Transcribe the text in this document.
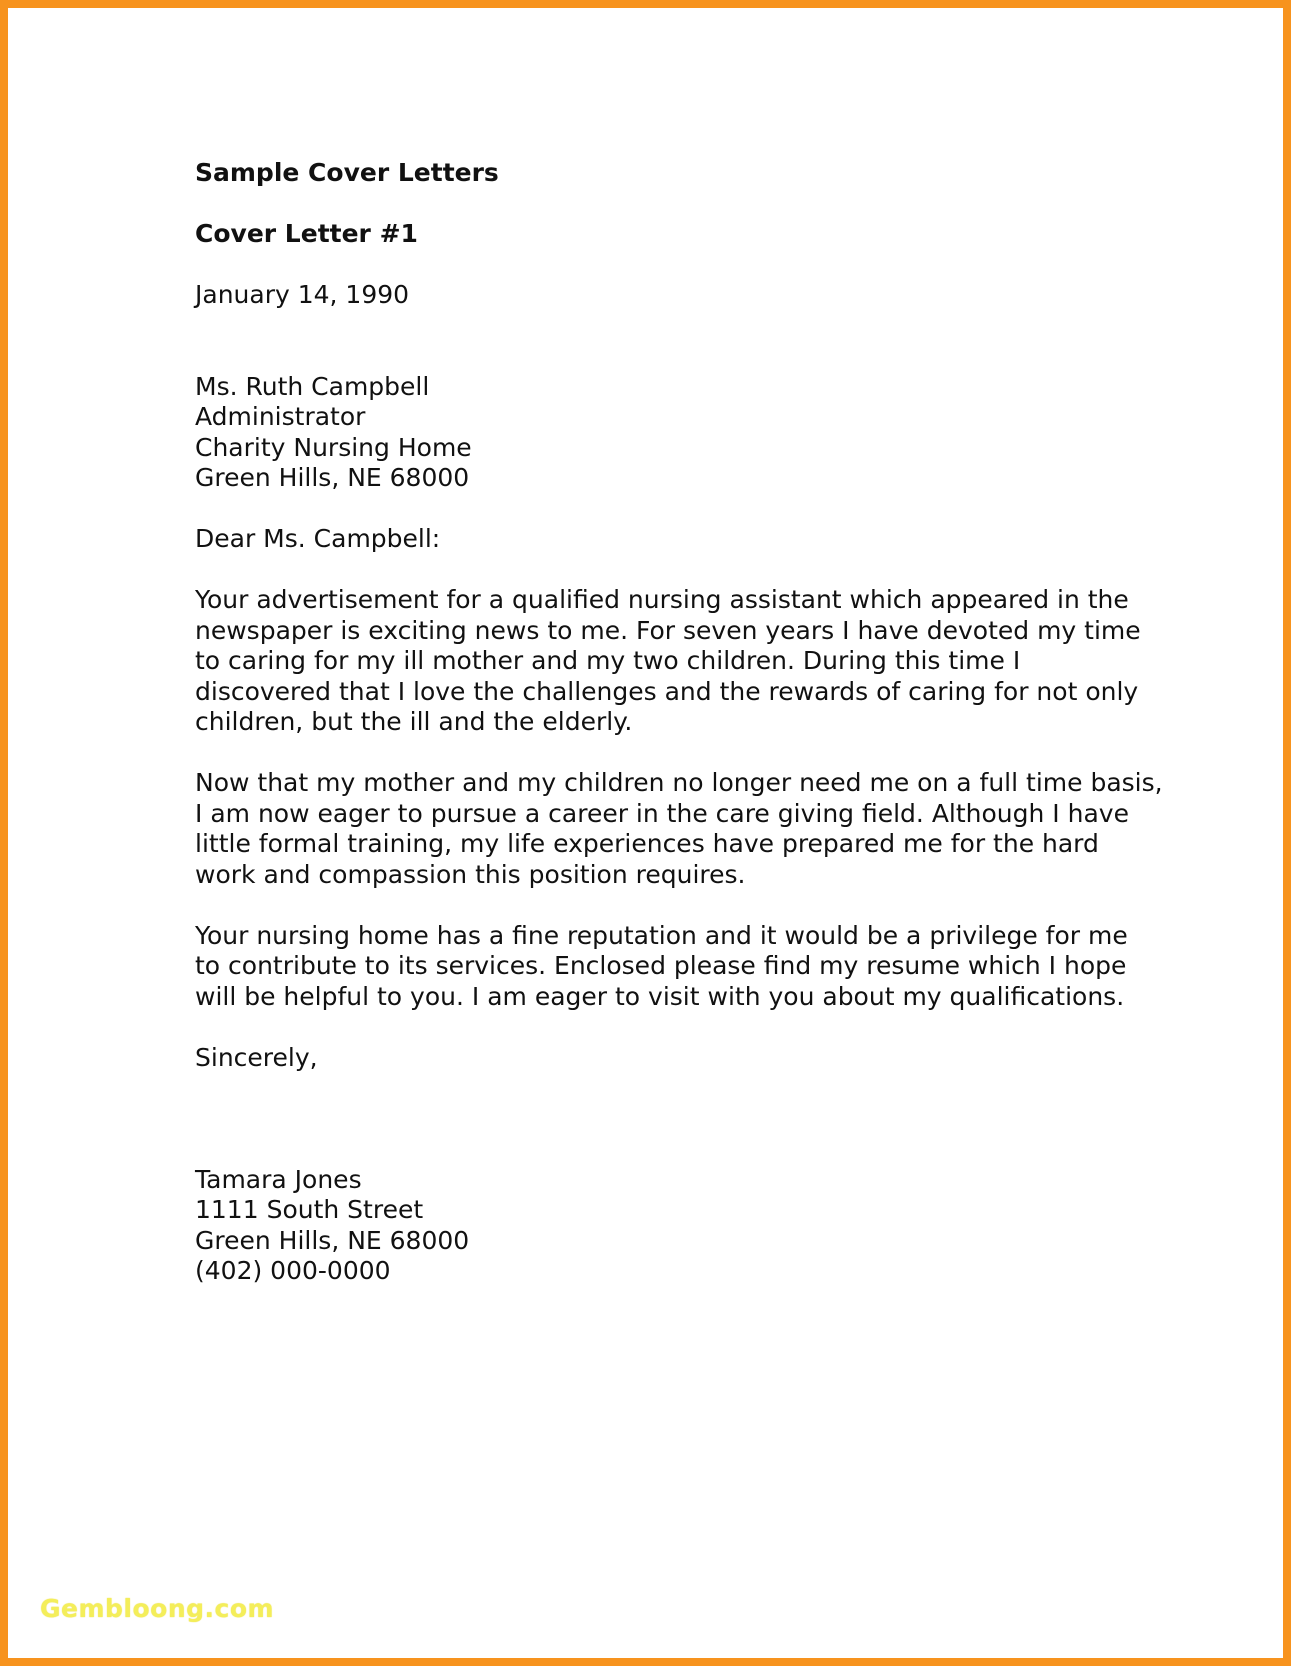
Sample Cover Letters

Cover Letter #1

January 14, 1990

Ms. Ruth Campbell
Administrator
Charity Nursing Home
Green Hills, NE 68000

Dear Ms. Campbell:

Your advertisement for a qualified nursing assistant which appeared in the
newspaper is exciting news to me. For seven years I have devoted my time
to caring for my ill mother and my two children. During this time I
discovered that I love the challenges and the rewards of caring for not only
children, but the ill and the elderly.

Now that my mother and my children no longer need me on a full time basis,
I am now eager to pursue a career in the care giving field. Although I have
little formal training, my life experiences have prepared me for the hard
work and compassion this position requires.

Your nursing home has a fine reputation and it would be a privilege for me
to contribute to its services. Enclosed please find my resume which I hope
will be helpful to you. I am eager to visit with you about my qualifications.

Sincerely,

Tamara Jones
1111 South Street
Green Hills, NE 68000
(402) 000-0000

Gembloong.com
